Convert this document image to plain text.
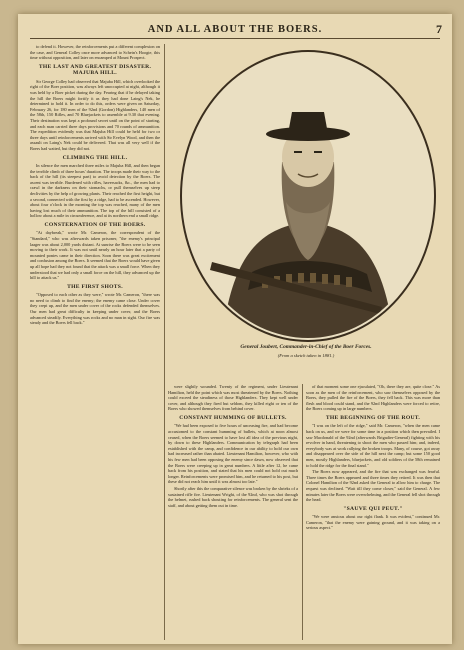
AND ALL ABOUT THE BOERS.	7

to defend it. However, the reinforcements put a different complexion on the case, and General Colley once more advanced to Schein's Hoogte, this time without opposition, and later on encamped at Mount Prospect.

THE LAST AND GREATEST DISASTER. MAJUBA HILL.

Sir George Colley had observed that Majuba Hill, which overlooked the right of the Boer position, was always left unoccupied at night, although it was held by a Boer picket during the day. Fearing that if he delayed taking the hill the Boers might fortify it as they had done Laing's Nek, he determined to hold it. In order to do this, orders were given on Saturday, February 26, for 180 men of the 92nd (Gordon) Highlanders, 140 men of the 58th, 150 Rifles, and 70 Bluejackets to assemble at 9.30 that evening. Their destination was kept a profound secret until on the point of starting, and each man carried three days provisions and 70 rounds of ammunition. The expedition evidently was that Majuba Hill could be held for two or three days until reinforcements arrived with Sir Evelyn Wood, and then the assault on Laing's Nek could be delivered. That was all very well if the Boers had waited, but they did not.

CLIMBING THE HILL.

In silence the men marched three miles to Majuba Hill, and then began the terrible climb of three hours' duration. The troops made their way to the back of the hill (its steepest part) to avoid detection by the Boers. The ascent was terrible. Burdened with rifles, haversacks, &c., the men had to crawl in the darkness on their stomachs, or pull themselves up steep declivities by the help of growing plants. Their reached the first height, but a second, connected with the first by a ridge, had to be ascended. However, about four o'clock in the morning the top was reached, many of the men having lost much of their ammunition. The top of the hill consisted of a hollow about a mile in circumference, and at its northern end a small ridge.

CONSTERNATION OF THE BOERS.

"At daybreak," wrote Mr. Cameron, the correspondent of the "Standard," who was afterwards taken prisoner, "the enemy's principal laager was about 2,000 yards distant. At sunrise the Boers were to be seen moving to their work. It was not until nearly an hour later that a party of mounted ponies came in their direction. Soon there was great excitement and confusion among the Boers. It seemed that the Boers would have given up all hope had they not found that the attack was a small force. When they understood that we had only a small force on the hill, they advanced up the hill to attack us."

THE FIRST SHOTS.

"Opposed to each other as they were," wrote Mr. Cameron, "there was no need to climb to find the enemy; the enemy came close. Under cover they crept up, and the men under cover of the rocks defended themselves. Our men had great difficulty in keeping under cover, and the Boers advanced steadily. Everything was rocks and no man in sight. Our fire was steady and the Boers fell back."

General Joubert, Commander-in-Chief of the Boer Forces.
(From a sketch taken in 1881.)

were slightly wounded. Twenty of the regiment, under Lieutenant Hamilton, held the point which was most threatened by the Boers. Nothing could exceed the steadiness of those Highlanders. They kept well under cover, and although they fired but seldom, they killed eight or ten of the Boers who showed themselves from behind cover.

CONSTANT HUMMING OF BULLETS.

"We had been exposed to five hours of unceasing fire, and had become accustomed to the constant humming of bullets, which at noon almost ceased, when the Boers seemed to have lost all idea of the previous night, by down to these Highlanders. Communication by telegraph had been established with the camp, and confidence in our ability to hold our own had increased rather than abated. Lieutenant Hamilton, however, who with his few men had been opposing the enemy since dawn, now observed that the Boers were creeping up in great numbers. A little after 12, he came back from his position, and stated that his men could not hold out much longer. Reinforcements were promised him, and he returned to his post, but these did not reach him until it was almost too late."

Shortly after this the comparative silence was broken by the shrieks of a sustained rifle fire. Lieutenant Wright, of the 92nd, who was shot through the helmet, rushed back shouting for reinforcements. The general sent the staff, and about getting them out in time.

of that moment some one ejaculated, "Oh, there they are, quite close." As soon as the men of the reinforcement, who saw themselves opposed by the Boers, they pulled the fire of the Boers, they fell back. This was more than flesh and blood could stand, and the 92nd Highlanders were forced to retire, the Boers coming up in large numbers.

THE BEGINNING OF THE ROUT.

"I was on the left of the ridge," said Mr. Cameron, "when the men came back on us, and we were for some time in a position which then prevailed. I saw Macdonald of the 92nd (afterwards Brigadier-General) fighting with his revolver in hand, threatening to shoot the men who passed him; and, indeed, everybody was at work rallying the broken troops. Many, of course, got away and disappeared over the side of the hill next the camp; but some 150 good men, mostly Highlanders, bluejackets, and old soldiers of the 58th remained to hold the ridge for the final stand."

The Boers now appeared, and the fire that was exchanged was fearful. Three times the Boers appeared and three times they retired. It was then that Colonel Hamilton of the 92nd asked the General to allow him to charge. The request was declined. "Wait till they come closer," said the General. A few minutes later the Boers were overwhelming, and the General fell shot through the head.

"SAUVE QUI PEUT."

"We were anxious about our right flank. It was evident," continued Mr. Cameron, "that the enemy were gaining ground, and it was taking on a serious aspect."
